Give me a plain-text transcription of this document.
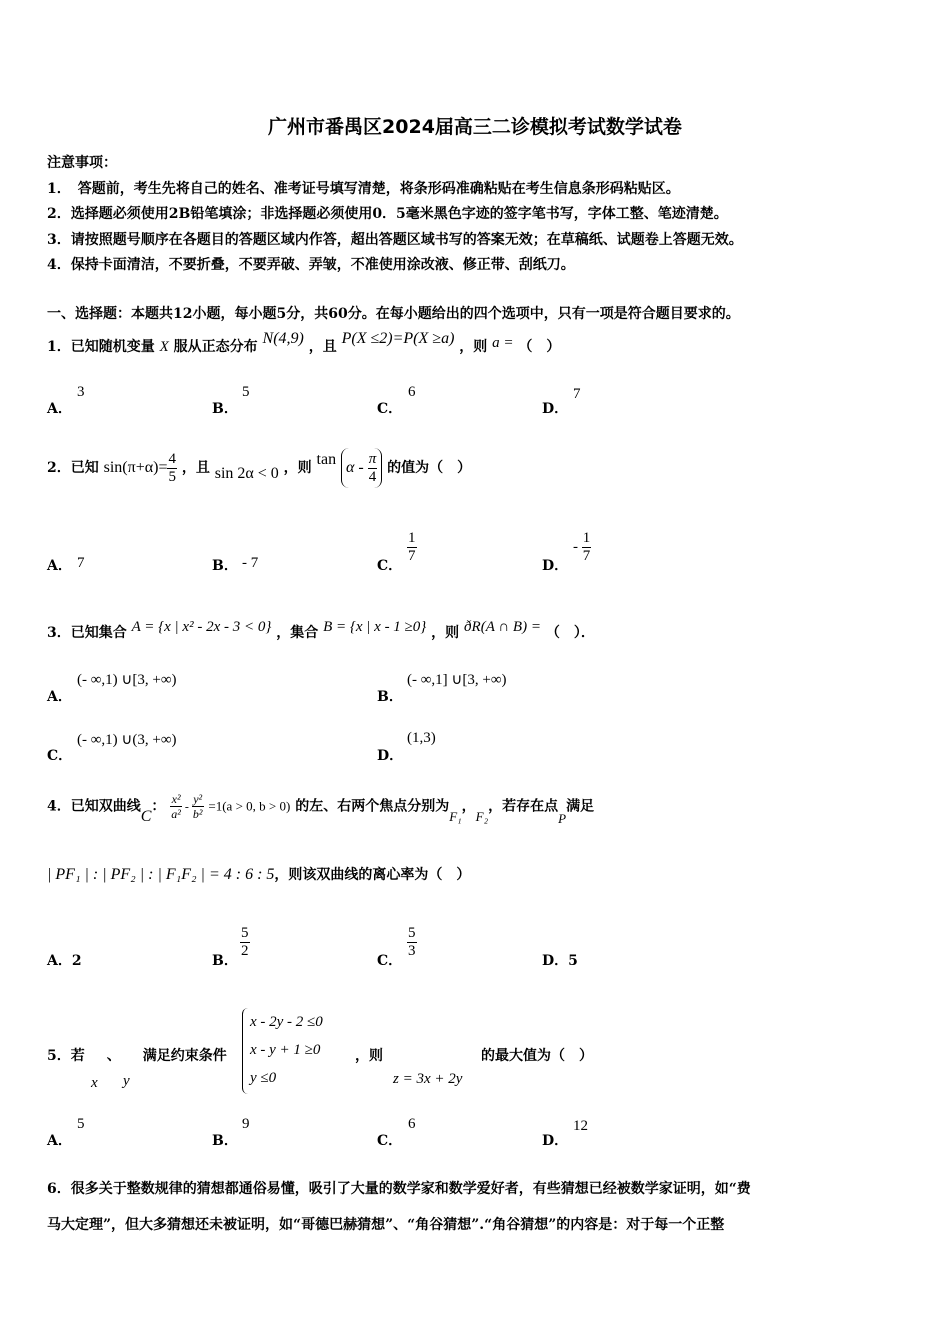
广州市番禺区2024届高三二诊模拟考试数学试卷
注意事项：
1．　答题前，考生先将自己的姓名、准考证号填写清楚，将条形码准确粘贴在考生信息条形码粘贴区。
2．选择题必须使用2B铅笔填涂；非选择题必须使用0．5毫米黑色字迹的签字笔书写，字体工整、笔迹清楚。
3．请按照题号顺序在各题目的答题区域内作答，超出答题区域书写的答案无效；在草稿纸、试题卷上答题无效。
4．保持卡面清洁，不要折叠，不要弄破、弄皱，不准使用涂改液、修正带、刮纸刀。
一、选择题：本题共12小题，每小题5分，共60分。在每小题给出的四个选项中，只有一项是符合题目要求的。
1．已知随机变量 X 服从正态分布 N(4,9) ，且 P(X ≤2)=P(X ≥a) ，则 a = （　）
A．
3
B．
5
C．
6
D．
7
2．已知 $\sin(\pi+\alpha)= \frac{4}{5}$ ，且 sin 2α < 0 ，则 tan α - $\frac{\pi}{4}$ 的值为（　）
A． 7	B． - 7	C．
$\frac{1}{7}$
D．
- $\frac{1}{7}$
3．已知集合 A = {x | x² - 2x - 3 < 0} ，集合 B = {x | x - 1 ≥0} ，则 ðR(A ∩ B) = （　）．
A．
(- ∞,1) ∪[3, +∞)
B．
(- ∞,1] ∪[3, +∞)
C．
(- ∞,1) ∪(3, +∞)
D．
(1,3)
4．已知双曲线C： $\frac{\text{x²}}{\text{a²}} - \frac{\text{y²}}{\text{b²}} =1(a > 0$, b > 0) 的左、右两个焦点分别为F₁，F₂，若存在点P满足
| PF₁ | : | PF₂ | : | F₁F₂ | = 4 : 6 : 5，则该双曲线的离心率为（　）
A．2	B．
$\frac{5}{2}$
C．
$\frac{5}{3}$
D．5
5．若 、 满足约束条件
x y
x - 2y - 2 ≤0
x - y + 1 ≥0
y ≤0
，则
z = 3x + 2y
的最大值为（　）
A．
5
B．
9
C．
6
D．
12
6．很多关于整数规律的猜想都通俗易懂，吸引了大量的数学家和数学爱好者，有些猜想已经被数学家证明，如“费
马大定理”，但大多猜想还未被证明，如“哥德巴赫猜想”、“角谷猜想”.“角谷猜想”的内容是：对于每一个正整
